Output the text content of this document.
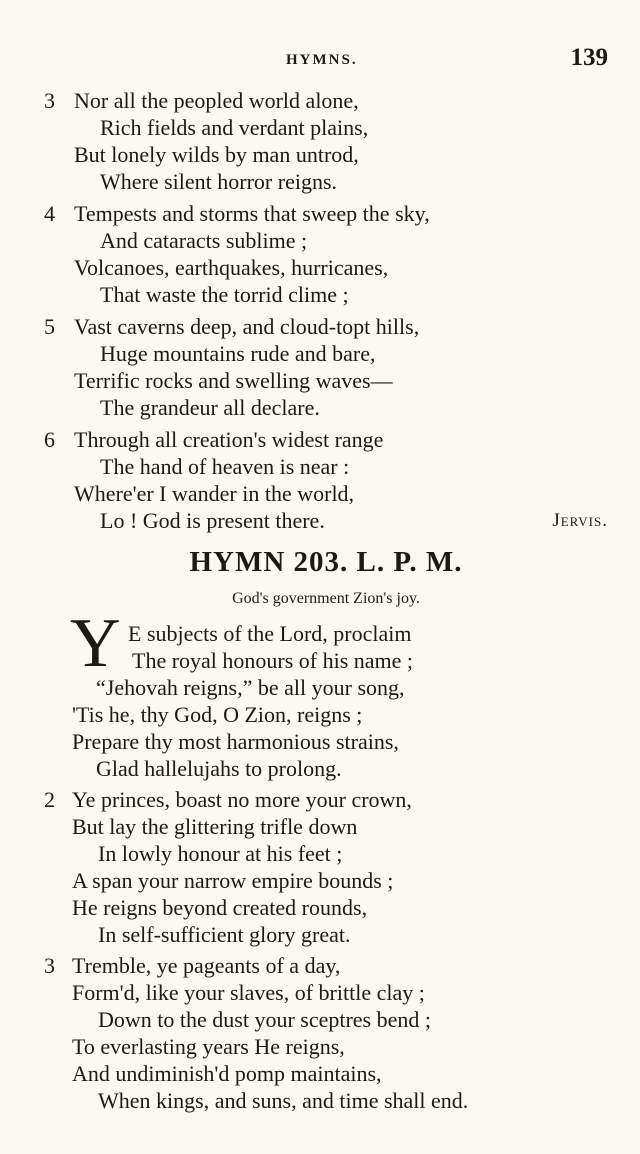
HYMNS.	139
3 Nor all the peopled world alone,
Rich fields and verdant plains,
But lonely wilds by man untrod,
Where silent horror reigns.
4 Tempests and storms that sweep the sky,
And cataracts sublime ;
Volcanoes, earthquakes, hurricanes,
That waste the torrid clime ;
5 Vast caverns deep, and cloud-topt hills,
Huge mountains rude and bare,
Terrific rocks and swelling waves—
The grandeur all declare.
6 Through all creation's widest range
The hand of heaven is near :
Where'er I wander in the world,
Lo ! God is present there.	Jervis.
HYMN 203. L. P. M.
God's government Zion's joy.
Y E subjects of the Lord, proclaim
The royal honours of his name ;
“Jehovah reigns,” be all your song,
'Tis he, thy God, O Zion, reigns ;
Prepare thy most harmonious strains,
Glad hallelujahs to prolong.
2 Ye princes, boast no more your crown,
But lay the glittering trifle down
In lowly honour at his feet ;
A span your narrow empire bounds ;
He reigns beyond created rounds,
In self-sufficient glory great.
3 Tremble, ye pageants of a day,
Form'd, like your slaves, of brittle clay ;
Down to the dust your sceptres bend ;
To everlasting years He reigns,
And undiminish'd pomp maintains,
When kings, and suns, and time shall end.
